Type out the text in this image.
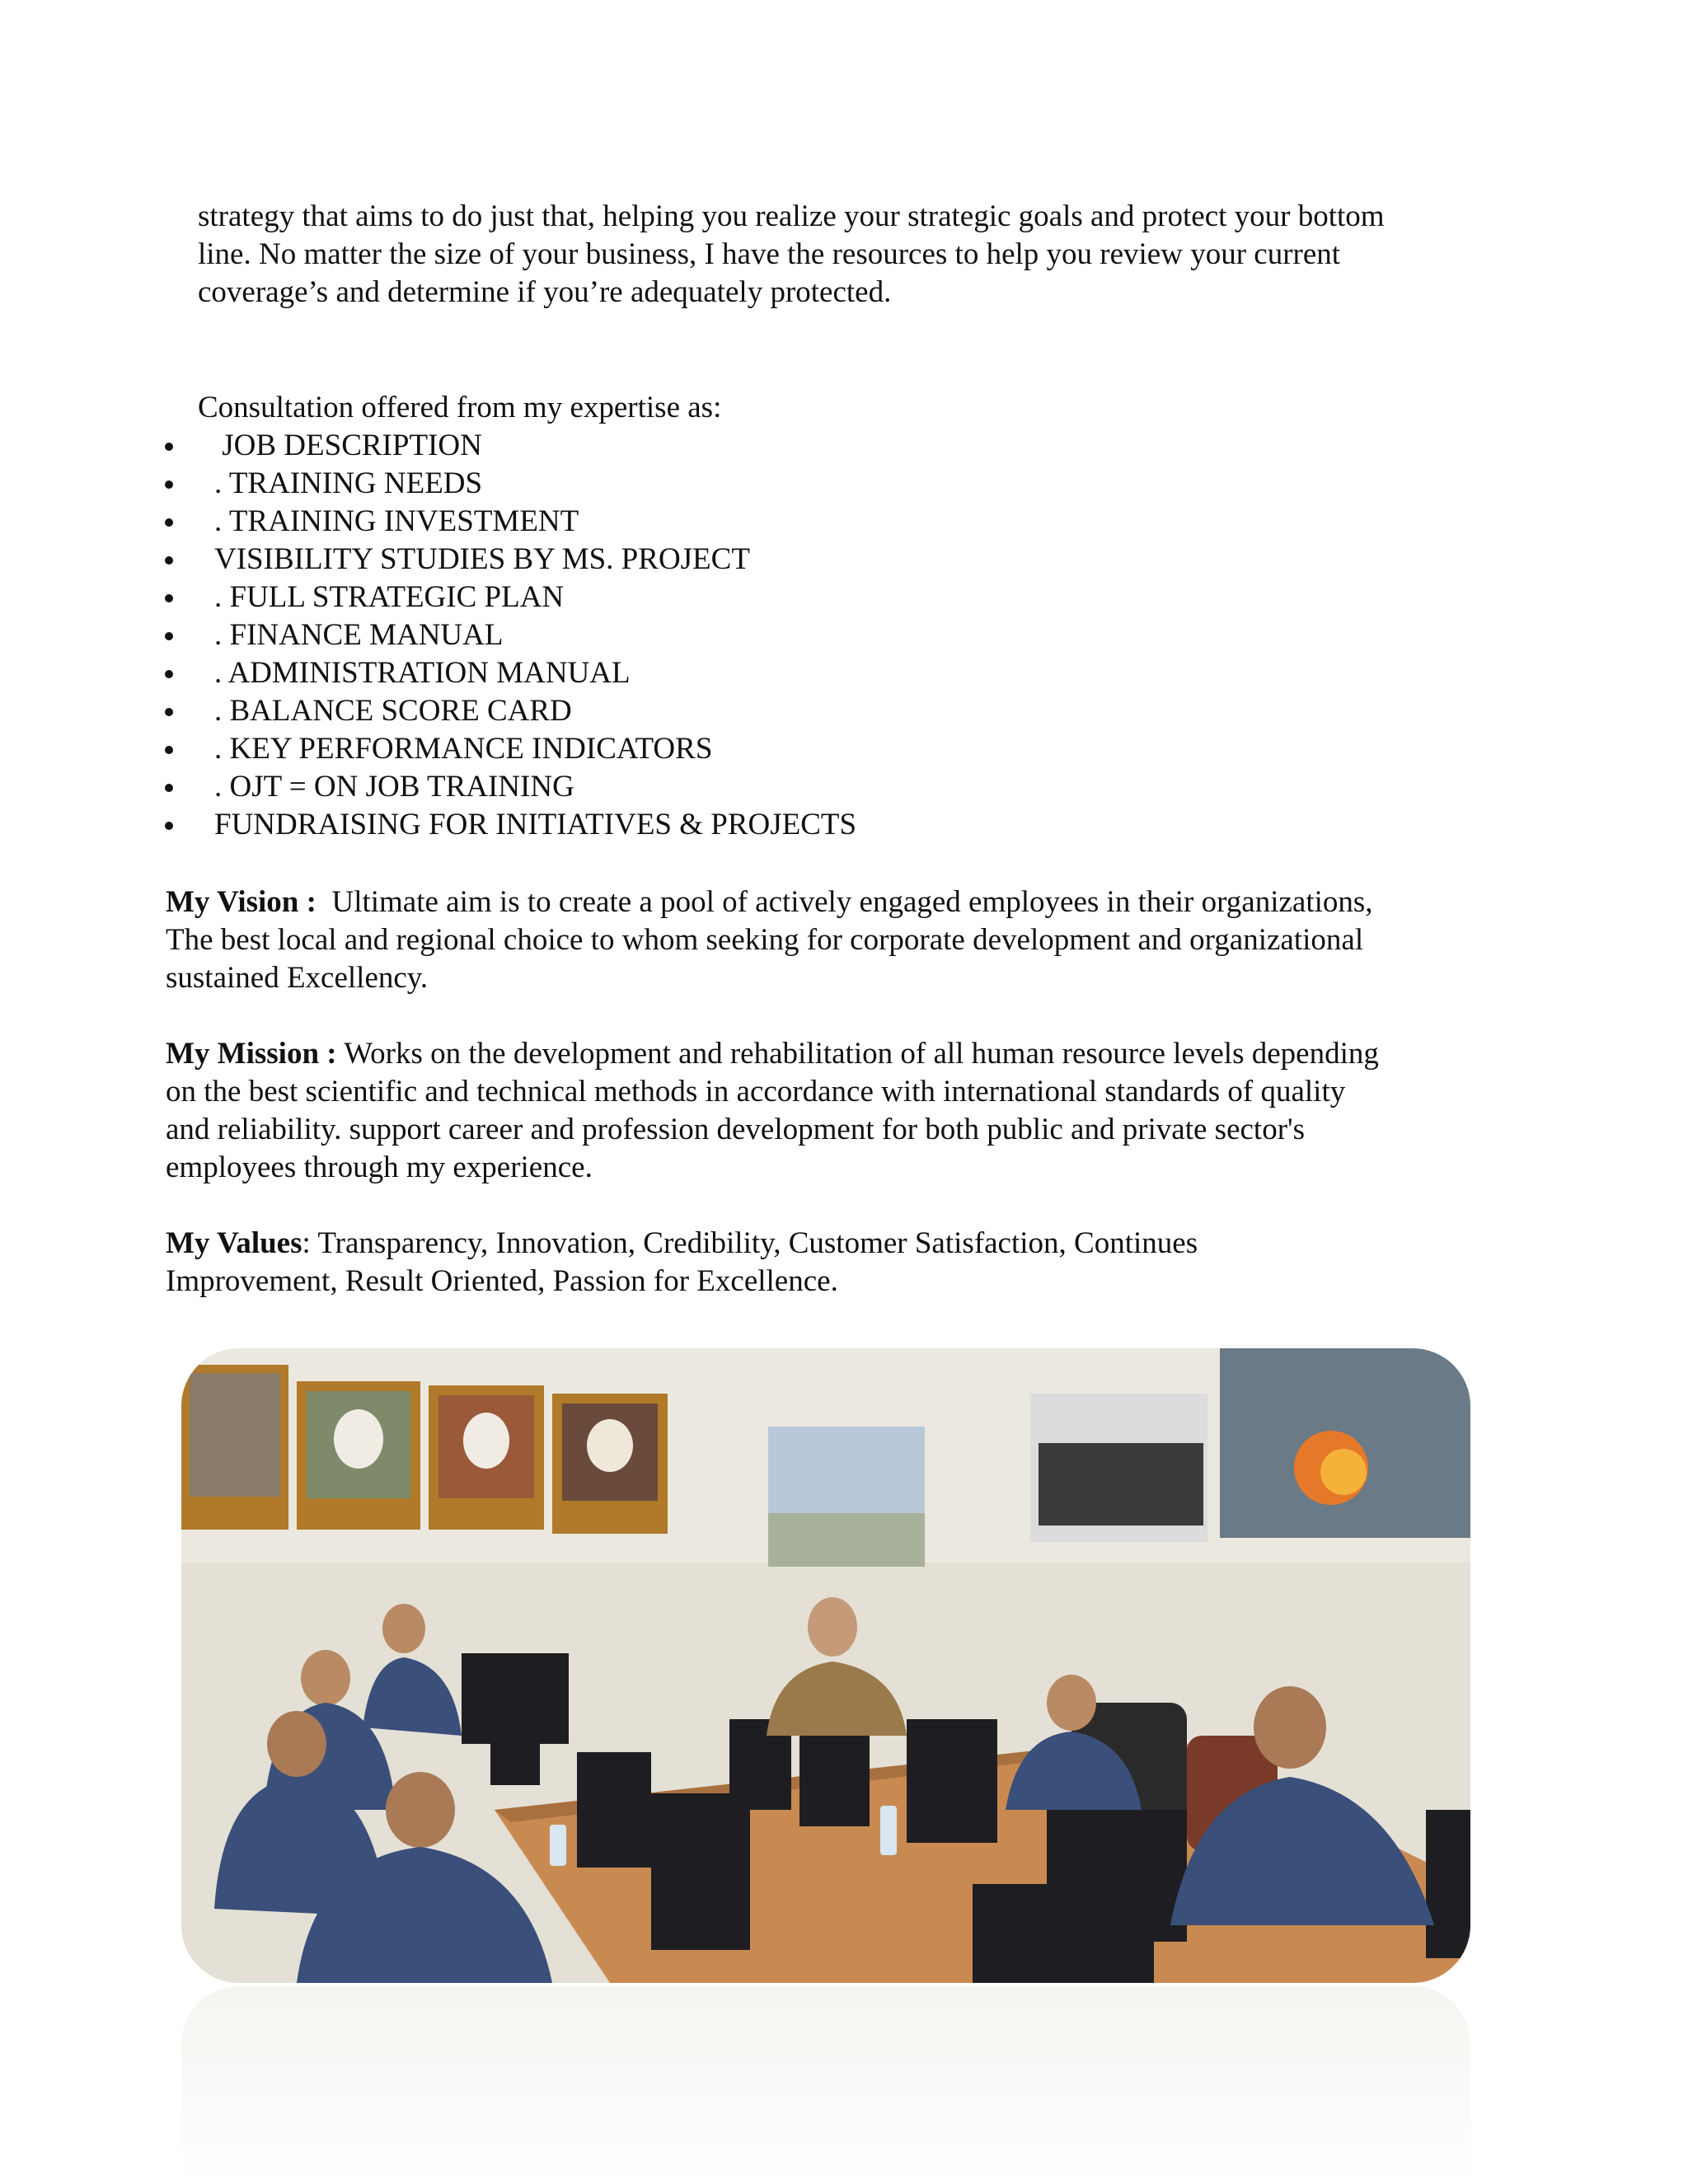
strategy that aims to do just that, helping you realize your strategic goals and protect your bottom
line. No matter the size of your business, I have the resources to help you review your current
coverage’s and determine if you’re adequately protected.

Consultation offered from my expertise as:

JOB DESCRIPTION
. TRAINING NEEDS
. TRAINING INVESTMENT
VISIBILITY STUDIES BY MS. PROJECT
. FULL STRATEGIC PLAN
. FINANCE MANUAL
. ADMINISTRATION MANUAL
. BALANCE SCORE CARD
. KEY PERFORMANCE INDICATORS
. OJT = ON JOB TRAINING
FUNDRAISING FOR INITIATIVES & PROJECTS

My Vision :  Ultimate aim is to create a pool of actively engaged employees in their organizations,
The best local and regional choice to whom seeking for corporate development and organizational
sustained Excellency.

My Mission : Works on the development and rehabilitation of all human resource levels depending
on the best scientific and technical methods in accordance with international standards of quality
and reliability. support career and profession development for both public and private sector's
employees through my experience.

My Values: Transparency, Innovation, Credibility, Customer Satisfaction, Continues
Improvement, Result Oriented, Passion for Excellence.
